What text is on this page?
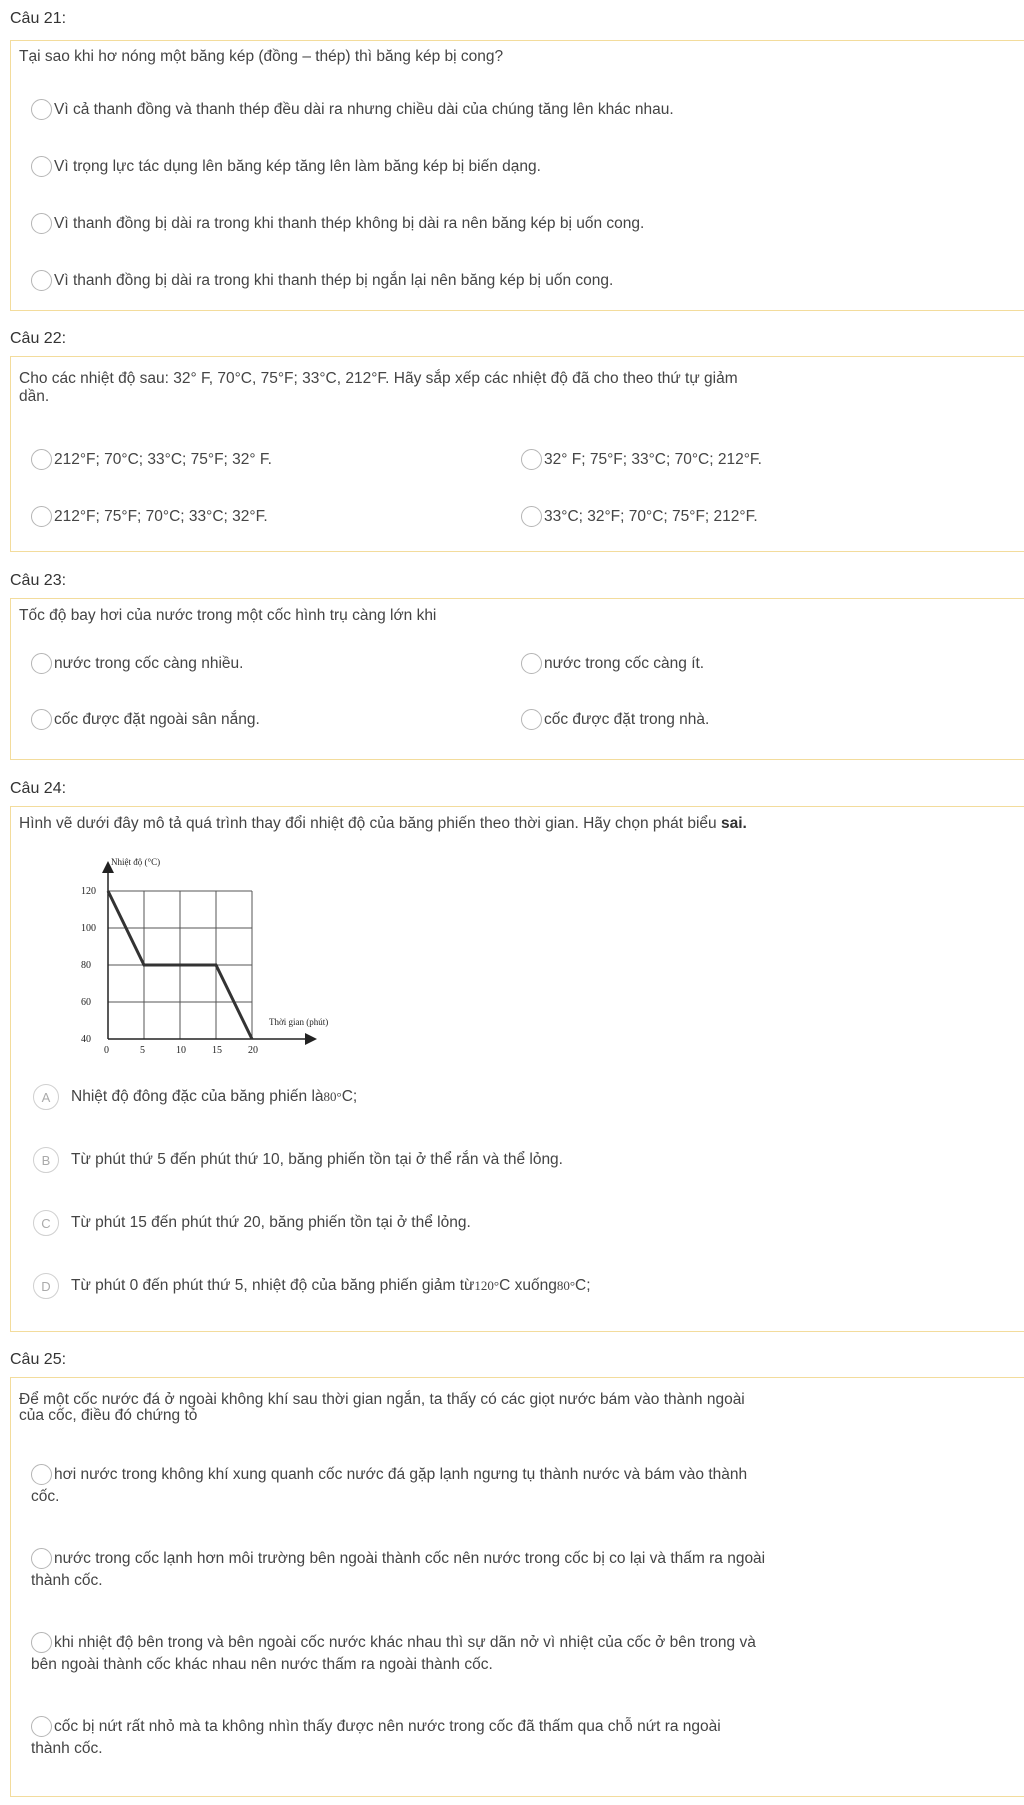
Câu 21:
Tại sao khi hơ nóng một băng kép (đồng – thép) thì băng kép bị cong?
Vì cả thanh đồng và thanh thép đều dài ra nhưng chiều dài của chúng tăng lên khác nhau.
Vì trọng lực tác dụng lên băng kép tăng lên làm băng kép bị biến dạng.
Vì thanh đồng bị dài ra trong khi thanh thép không bị dài ra nên băng kép bị uốn cong.
Vì thanh đồng bị dài ra trong khi thanh thép bị ngắn lại nên băng kép bị uốn cong.
Câu 22:
Cho các nhiệt độ sau: 32° F, 70°C, 75°F; 33°C, 212°F. Hãy sắp xếp các nhiệt độ đã cho theo thứ tự giảm
dần.
212°F; 70°C; 33°C; 75°F; 32° F.	32° F; 75°F; 33°C; 70°C; 212°F.
212°F; 75°F; 70°C; 33°C; 32°F.	33°C; 32°F; 70°C; 75°F; 212°F.
Câu 23:
Tốc độ bay hơi của nước trong một cốc hình trụ càng lớn khi
nước trong cốc càng nhiều.	nước trong cốc càng ít.
cốc được đặt ngoài sân nắng.	cốc được đặt trong nhà.
Câu 24:
Hình vẽ dưới đây mô tả quá trình thay đổi nhiệt độ của băng phiến theo thời gian. Hãy chọn phát biểu sai.
Nhiệt độ (°C)
Thời gian (phút)
120
100
80
60
40
0	5	10	15	20
A	Nhiệt độ đông đặc của băng phiến là 80° C;
B	Từ phút thứ 5 đến phút thứ 10, băng phiến tồn tại ở thể rắn và thể lỏng.
C	Từ phút 15 đến phút thứ 20, băng phiến tồn tại ở thể lỏng.
D	Từ phút 0 đến phút thứ 5, nhiệt độ của băng phiến giảm từ 120° C xuống 80° C;
Câu 25:
Để một cốc nước đá ở ngoài không khí sau thời gian ngắn, ta thấy có các giọt nước bám vào thành ngoài
của cốc, điều đó chứng tỏ
hơi nước trong không khí xung quanh cốc nước đá gặp lạnh ngưng tụ thành nước và bám vào thành
cốc.
nước trong cốc lạnh hơn môi trường bên ngoài thành cốc nên nước trong cốc bị co lại và thấm ra ngoài
thành cốc.
khi nhiệt độ bên trong và bên ngoài cốc nước khác nhau thì sự dãn nở vì nhiệt của cốc ở bên trong và
bên ngoài thành cốc khác nhau nên nước thấm ra ngoài thành cốc.
cốc bị nứt rất nhỏ mà ta không nhìn thấy được nên nước trong cốc đã thấm qua chỗ nứt ra ngoài
thành cốc.
